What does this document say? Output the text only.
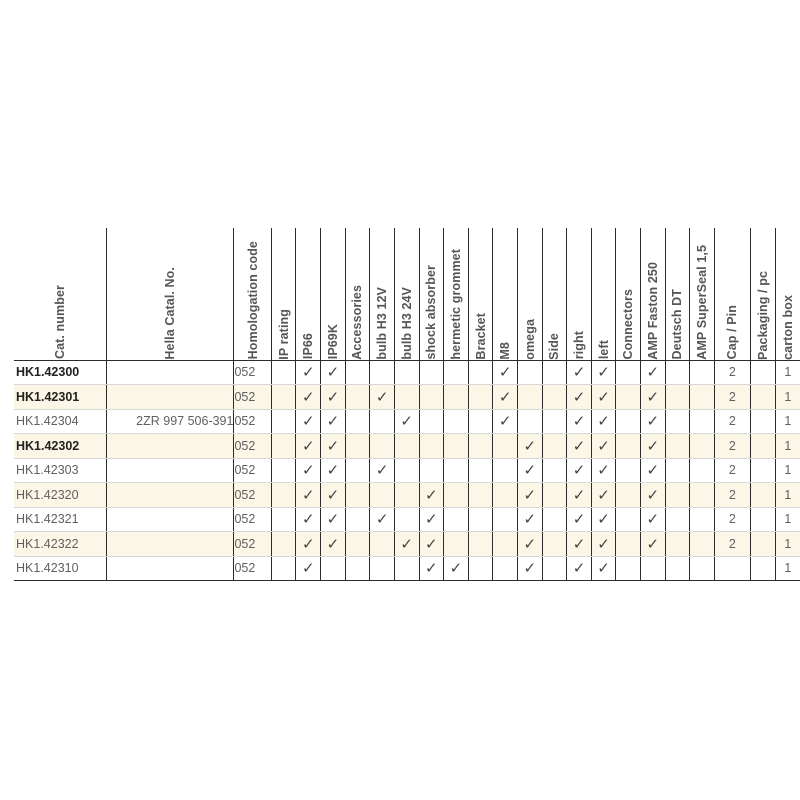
Cat. number	Hella Catal. No.	Homologation code	IP rating	IP66	IP69K	Accessories	bulb H3 12V	bulb H3 24V	shock absorber	hermetic grommet	Bracket	M8	omega	Side	right	left	Connectors	AMP Faston 250	Deutsch DT	AMP SuperSeal 1,5	Cap / Pin	Packaging / pc	carton box

HK1.42300		052		✓	✓							✓			✓	✓		✓			2		1
HK1.42301		052		✓	✓		✓					✓			✓	✓		✓			2		1
HK1.42304	2ZR 997 506-391	052		✓	✓			✓				✓			✓	✓		✓			2		1
HK1.42302		052		✓	✓								✓		✓	✓		✓			2		1
HK1.42303		052		✓	✓		✓						✓		✓	✓		✓			2		1
HK1.42320		052		✓	✓				✓				✓		✓	✓		✓			2		1
HK1.42321		052		✓	✓		✓		✓				✓		✓	✓		✓			2		1
HK1.42322		052		✓	✓			✓	✓				✓		✓	✓		✓			2		1
HK1.42310		052		✓					✓	✓			✓		✓	✓							1
